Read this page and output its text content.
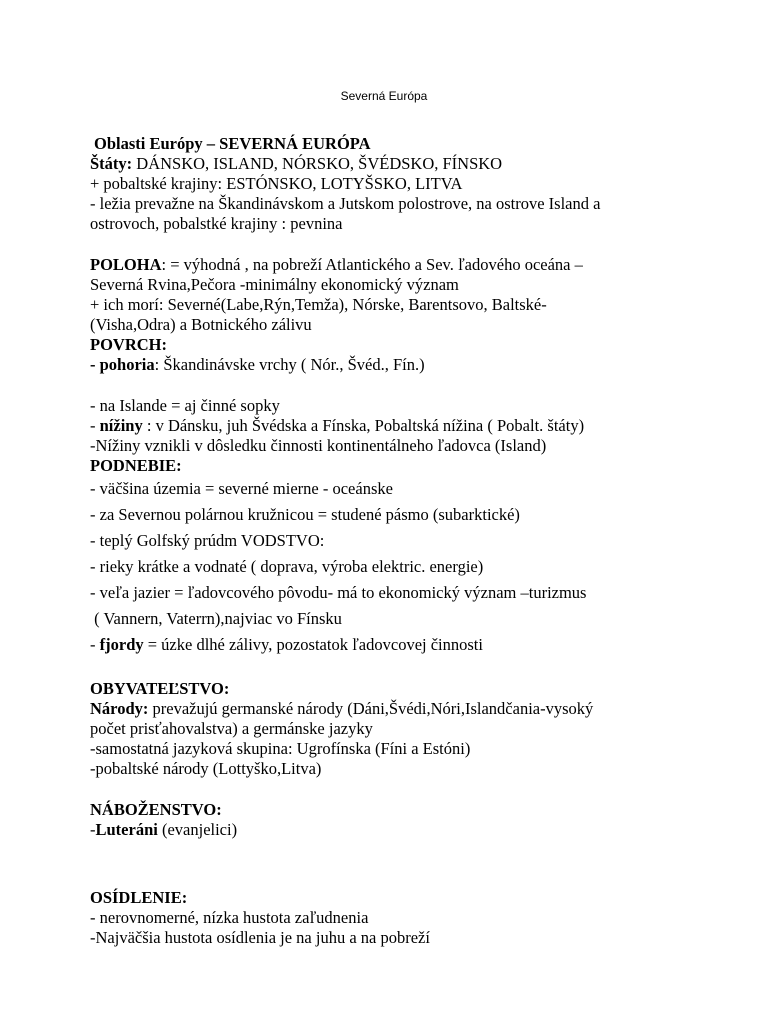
Severná Európa
Oblasti Európy – SEVERNÁ EURÓPA
Štáty: DÁNSKO, ISLAND, NÓRSKO, ŠVÉDSKO, FÍNSKO
+ pobaltské krajiny: ESTÓNSKO, LOTYŠSKO, LITVA
- ležia prevažne na Škandinávskom a Jutskom polostrove, na ostrove Island a
ostrovoch, pobalstké krajiny : pevnina
POLOHA: = výhodná , na pobreží Atlantického a Sev. ľadového oceána –
Severná Rvina,Pečora -minimálny ekonomický význam
+ ich morí: Severné(Labe,Rýn,Temža), Nórske, Barentsovo, Baltské-
(Visha,Odra) a Botnického zálivu
POVRCH:
- pohoria: Škandinávske vrchy ( Nór., Švéd., Fín.)
- na Islande = aj činné sopky
- nížiny : v Dánsku, juh Švédska a Fínska, Pobaltská nížina ( Pobalt. štáty)
-Nížiny vznikli v dôsledku činnosti kontinentálneho ľadovca (Island)
PODNEBIE:
- väčšina územia = severné mierne - oceánske
- za Severnou polárnou kružnicou = studené pásmo (subarktické)
- teplý Golfský prúdm VODSTVO:
- rieky krátke a vodnaté ( doprava, výroba elektric. energie)
- veľa jazier = ľadovcového pôvodu- má to ekonomický význam –turizmus
( Vannern, Vaterrn),najviac vo Fínsku
- fjordy = úzke dlhé zálivy, pozostatok ľadovcovej činnosti
OBYVATEĽSTVO:
Národy: prevažujú germanské národy (Dáni,Švédi,Nóri,Islandčania-vysoký
počet prisťahovalstva) a germánske jazyky
-samostatná jazyková skupina: Ugrofínska (Fíni a Estóni)
-pobaltské národy (Lottyško,Litva)
NÁBOŽENSTVO:
-Luteráni (evanjelici)
OSÍDLENIE:
- nerovnomerné, nízka hustota zaľudnenia
-Najväčšia hustota osídlenia je na juhu a na pobreží
